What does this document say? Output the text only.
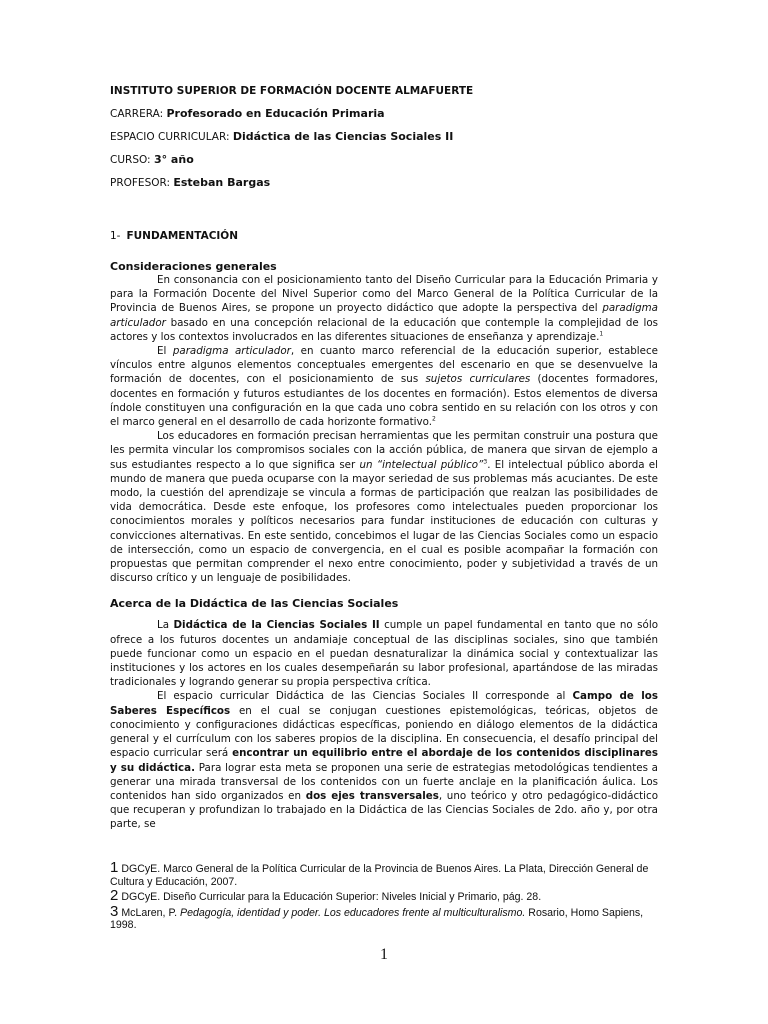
INSTITUTO SUPERIOR DE FORMACIÓN DOCENTE ALMAFUERTE
CARRERA: Profesorado en Educación Primaria
ESPACIO CURRICULAR: Didáctica de las Ciencias Sociales II
CURSO: 3° año
PROFESOR: Esteban Bargas
1- FUNDAMENTACIÓN
Consideraciones generales

En consonancia con el posicionamiento tanto del Diseño Curricular para la Educación Primaria y para la Formación Docente del Nivel Superior como del Marco General de la Política Curricular de la Provincia de Buenos Aires, se propone un proyecto didáctico que adopte la perspectiva del paradigma articulador basado en una concepción relacional de la educación que contemple la complejidad de los actores y los contextos involucrados en las diferentes situaciones de enseñanza y aprendizaje.$^1$

El paradigma articulador, en cuanto marco referencial de la educación superior, establece vínculos entre algunos elementos conceptuales emergentes del escenario en que se desenvuelve la formación de docentes, con el posicionamiento de sus sujetos curriculares (docentes formadores, docentes en formación y futuros estudiantes de los docentes en formación). Estos elementos de diversa índole constituyen una configuración en la que cada uno cobra sentido en su relación con los otros y con el marco general en el desarrollo de cada horizonte formativo.$^2$

Los educadores en formación precisan herramientas que les permitan construir una postura que les permita vincular los compromisos sociales con la acción pública, de manera que sirvan de ejemplo a sus estudiantes respecto a lo que significa ser un “intelectual público”$^3$. El intelectual público aborda el mundo de manera que pueda ocuparse con la mayor seriedad de sus problemas más acuciantes. De este modo, la cuestión del aprendizaje se vincula a formas de participación que realzan las posibilidades de vida democrática. Desde este enfoque, los profesores como intelectuales pueden proporcionar los conocimientos morales y políticos necesarios para fundar instituciones de educación con culturas y convicciones alternativas. En este sentido, concebimos el lugar de las Ciencias Sociales como un espacio de intersección, como un espacio de convergencia, en el cual es posible acompañar la formación con propuestas que permitan comprender el nexo entre conocimiento, poder y subjetividad a través de un discurso crítico y un lenguaje de posibilidades.

Acerca de la Didáctica de las Ciencias Sociales

La Didáctica de la Ciencias Sociales II cumple un papel fundamental en tanto que no sólo ofrece a los futuros docentes un andamiaje conceptual de las disciplinas sociales, sino que también puede funcionar como un espacio en el puedan desnaturalizar la dinámica social y contextualizar las instituciones y los actores en los cuales desempeñarán su labor profesional, apartándose de las miradas tradicionales y logrando generar su propia perspectiva crítica.

El espacio curricular Didáctica de las Ciencias Sociales II corresponde al Campo de los Saberes Específicos en el cual se conjugan cuestiones epistemológicas, teóricas, objetos de conocimiento y configuraciones didácticas específicas, poniendo en diálogo elementos de la didáctica general y el currículum con los saberes propios de la disciplina. En consecuencia, el desafío principal del espacio curricular será encontrar un equilibrio entre el abordaje de los contenidos disciplinares y su didáctica. Para lograr esta meta se proponen una serie de estrategias metodológicas tendientes a generar una mirada transversal de los contenidos con un fuerte anclaje en la planificación áulica. Los contenidos han sido organizados en dos ejes transversales, uno teórico y otro pedagógico-didáctico que recuperan y profundizan lo trabajado en la Didáctica de las Ciencias Sociales de 2do. año y, por otra parte, se

1 DGCyE. Marco General de la Política Curricular de la Provincia de Buenos Aires. La Plata, Dirección General de Cultura y Educación, 2007.

2 DGCyE. Diseño Curricular para la Educación Superior: Niveles Inicial y Primario, pág. 28.

3 McLaren, P. Pedagogía, identidad y poder. Los educadores frente al multiculturalismo. Rosario, Homo Sapiens, 1998.

1
